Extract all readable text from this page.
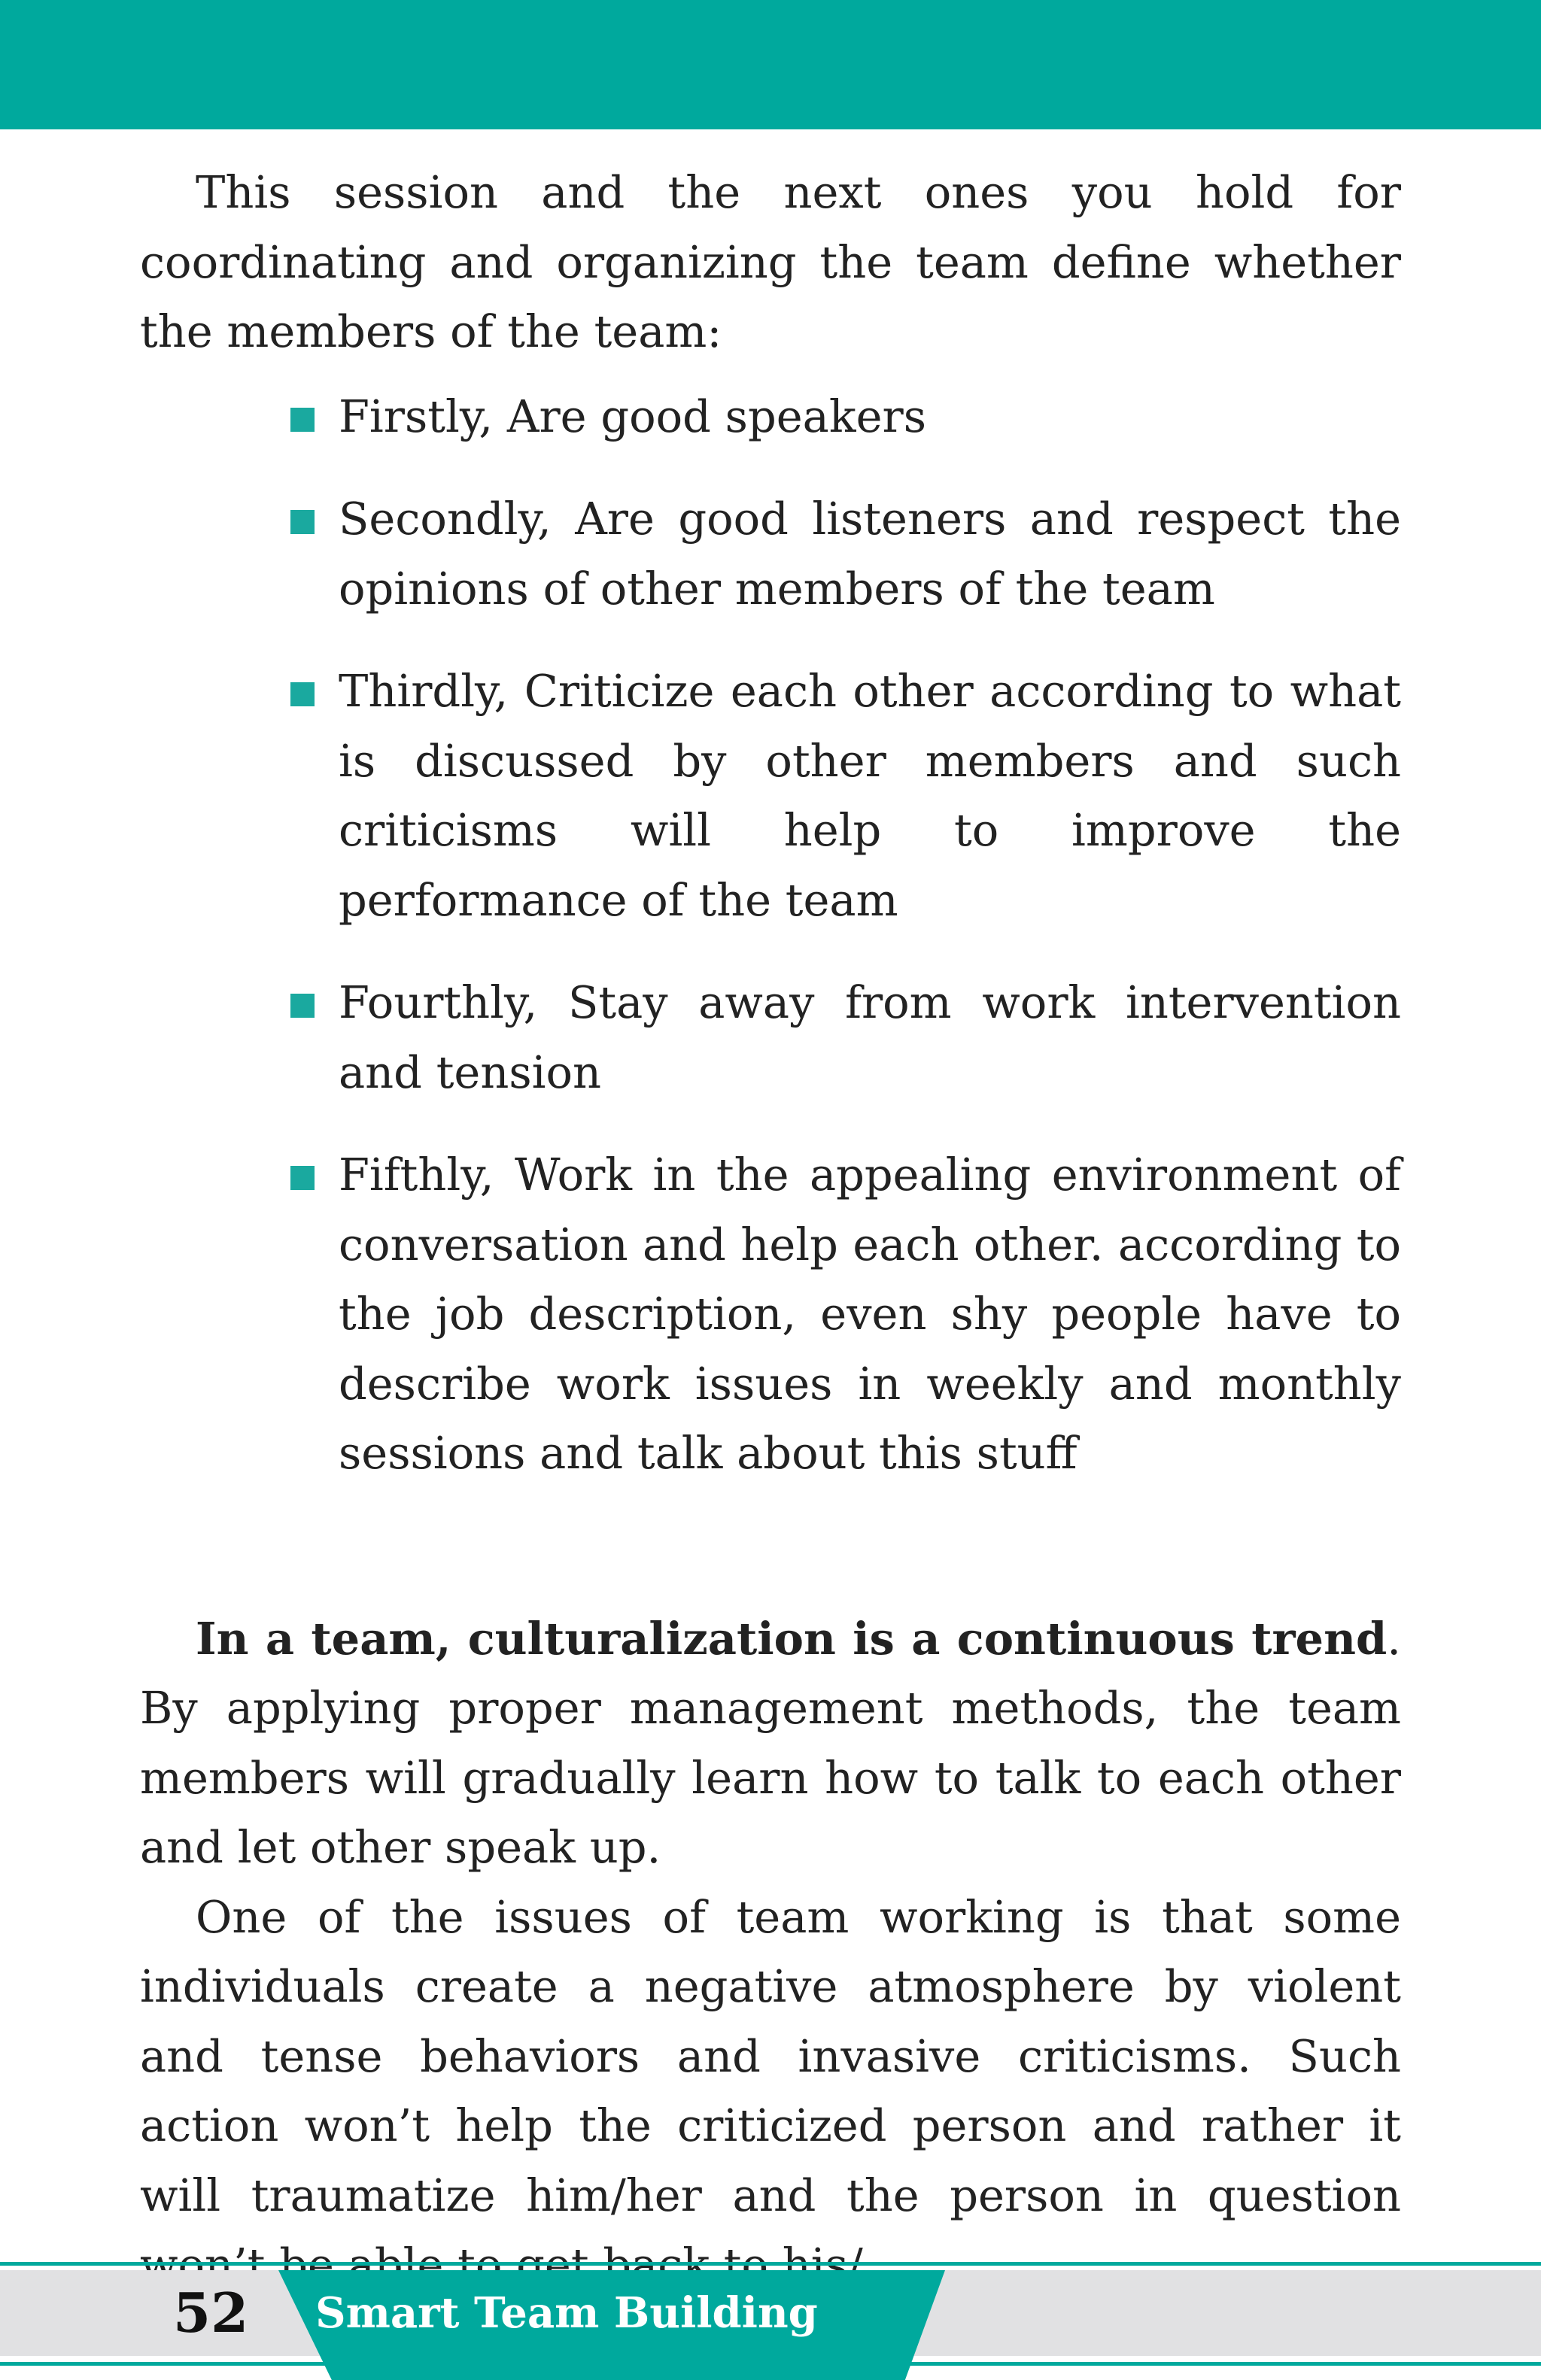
This session and the next ones you hold for coordinating and organizing the team define whether the members of the team:

Firstly, Are good speakers
Secondly, Are good listeners and respect the opinions of other members of the team
Thirdly, Criticize each other according to what is discussed by other members and such criticisms will help to improve the performance of the team
Fourthly, Stay away from work intervention and tension
Fifthly, Work in the appealing environment of conversation and help each other. according to the job description, even shy people have to describe work issues in weekly and monthly sessions and talk about this stuff

In a team, culturalization is a continuous trend. By applying proper management methods, the team members will gradually learn how to talk to each other and let other speak up.

One of the issues of team working is that some individuals create a negative atmosphere by violent and tense behaviors and invasive criticisms. Such action won’t help the criticized person and rather it will traumatize him/her and the person in question

52	Smart Team Building
